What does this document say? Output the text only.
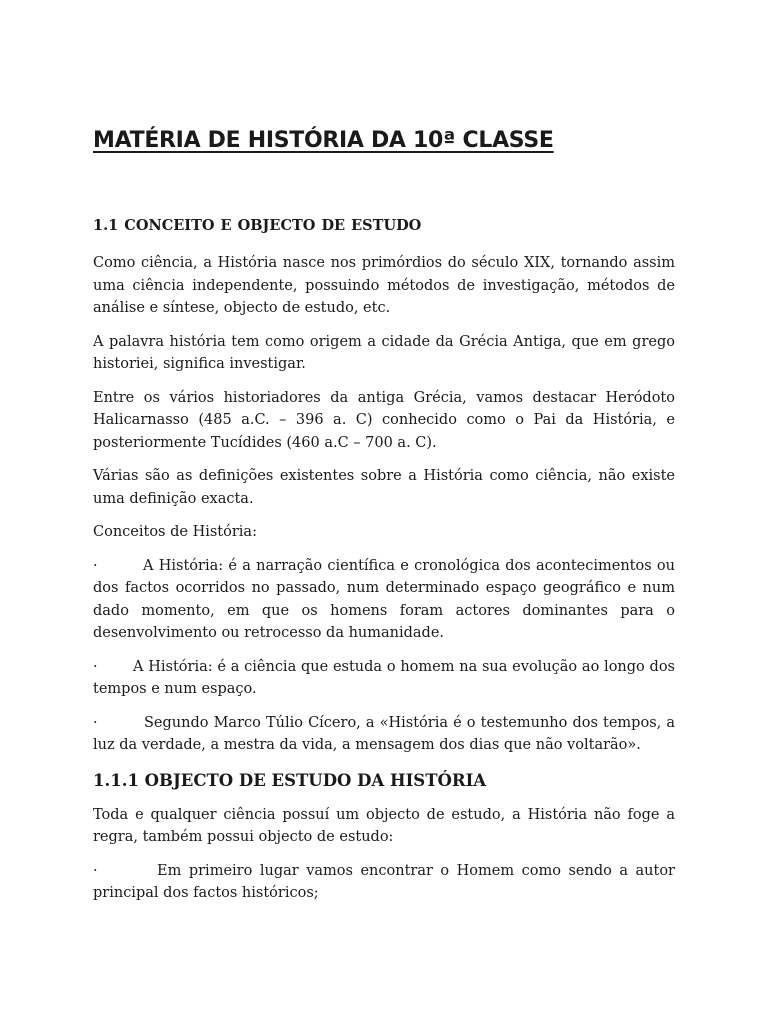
MATÉRIA DE HISTÓRIA DA 10ª CLASSE
1.1 CONCEITO E OBJECTO DE ESTUDO

Como ciência, a História nasce nos primórdios do século XIX, tornando assim uma ciência independente, possuindo métodos de investigação, métodos de análise e síntese, objecto de estudo, etc.

A palavra história tem como origem a cidade da Grécia Antiga, que em grego historiei, significa investigar.

Entre os vários historiadores da antiga Grécia, vamos destacar Heródoto Halicarnasso (485 a.C. – 396 a. C) conhecido como o Pai da História, e posteriormente Tucídides (460 a.C – 700 a. C).

Várias são as definições existentes sobre a História como ciência, não existe uma definição exacta.

Conceitos de História:

·	A História: é a narração científica e cronológica dos acontecimentos ou dos factos ocorridos no passado, num determinado espaço geográfico e num dado momento, em que os homens foram actores dominantes para o desenvolvimento ou retrocesso da humanidade.

· A História: é a ciência que estuda o homem na sua evolução ao longo dos tempos e num espaço.

·	Segundo Marco Túlio Cícero, a «História é o testemunho dos tempos, a luz da verdade, a mestra da vida, a mensagem dos dias que não voltarão».

1.1.1 OBJECTO DE ESTUDO DA HISTÓRIA

Toda e qualquer ciência possuí um objecto de estudo, a História não foge a regra, também possui objecto de estudo:

·	Em primeiro lugar vamos encontrar o Homem como sendo a autor principal dos factos históricos;
